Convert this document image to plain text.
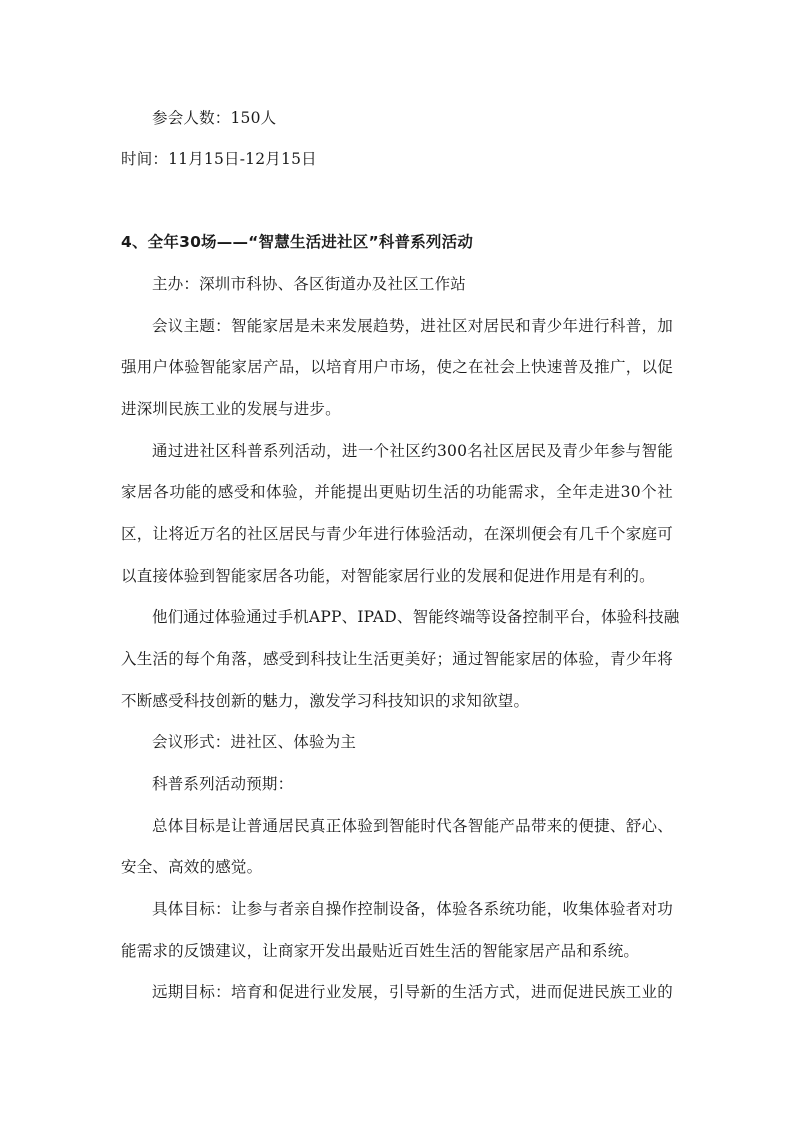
参会人数：150人
时间：11月15日-12月15日
4、全年30场——“智慧生活进社区”科普系列活动
主办：深圳市科协、各区街道办及社区工作站
会议主题：智能家居是未来发展趋势，进社区对居民和青少年进行科普，加
强用户体验智能家居产品，以培育用户市场，使之在社会上快速普及推广，以促
进深圳民族工业的发展与进步。
通过进社区科普系列活动，进一个社区约300名社区居民及青少年参与智能
家居各功能的感受和体验，并能提出更贴切生活的功能需求，全年走进30个社
区，让将近万名的社区居民与青少年进行体验活动，在深圳便会有几千个家庭可
以直接体验到智能家居各功能，对智能家居行业的发展和促进作用是有利的。
他们通过体验通过手机APP、IPAD、智能终端等设备控制平台，体验科技融
入生活的每个角落，感受到科技让生活更美好；通过智能家居的体验，青少年将
不断感受科技创新的魅力，激发学习科技知识的求知欲望。
会议形式：进社区、体验为主
科普系列活动预期：
总体目标是让普通居民真正体验到智能时代各智能产品带来的便捷、舒心、
安全、高效的感觉。
具体目标：让参与者亲自操作控制设备，体验各系统功能，收集体验者对功
能需求的反馈建议，让商家开发出最贴近百姓生活的智能家居产品和系统。
远期目标：培育和促进行业发展，引导新的生活方式，进而促进民族工业的
